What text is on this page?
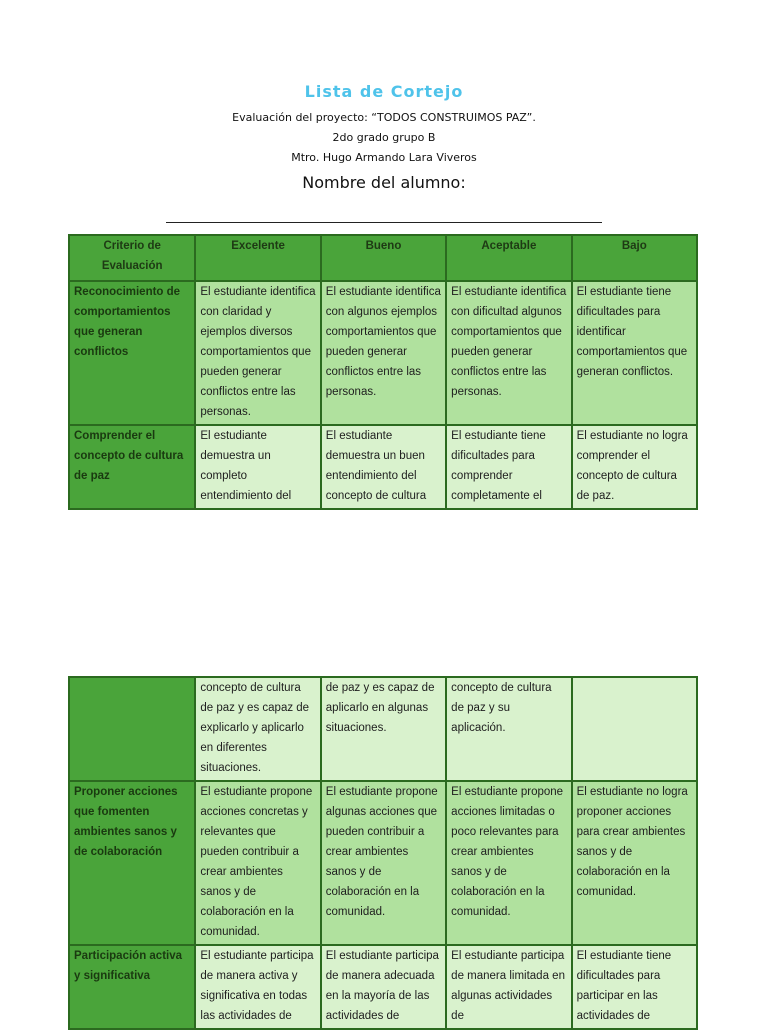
Lista de Cortejo
Evaluación del proyecto: “TODOS CONSTRUIMOS PAZ”.
2do grado grupo B
Mtro. Hugo Armando Lara Viveros
Nombre del alumno:
Criterio de Evaluación	Excelente	Bueno	Aceptable	Bajo
Reconocimiento de comportamientos que generan conflictos	El estudiante identifica con claridad y ejemplos diversos comportamientos que pueden generar conflictos entre las personas.	El estudiante identifica con algunos ejemplos comportamientos que pueden generar conflictos entre las personas.	El estudiante identifica con dificultad algunos comportamientos que pueden generar conflictos entre las personas.	El estudiante tiene dificultades para identificar comportamientos que generan conflictos.
Comprender el concepto de cultura de paz	El estudiante demuestra un completo entendimiento del	El estudiante demuestra un buen entendimiento del concepto de cultura	El estudiante tiene dificultades para comprender completamente el	El estudiante no logra comprender el concepto de cultura de paz.
	concepto de cultura de paz y es capaz de explicarlo y aplicarlo en diferentes situaciones.	de paz y es capaz de aplicarlo en algunas situaciones.	concepto de cultura de paz y su aplicación.	
Proponer acciones que fomenten ambientes sanos y de colaboración	El estudiante propone acciones concretas y relevantes que pueden contribuir a crear ambientes sanos y de colaboración en la comunidad.	El estudiante propone algunas acciones que pueden contribuir a crear ambientes sanos y de colaboración en la comunidad.	El estudiante propone acciones limitadas o poco relevantes para crear ambientes sanos y de colaboración en la comunidad.	El estudiante no logra proponer acciones para crear ambientes sanos y de colaboración en la comunidad.
Participación activa y significativa	El estudiante participa de manera activa y significativa en todas las actividades de	El estudiante participa de manera adecuada en la mayoría de las actividades de	El estudiante participa de manera limitada en algunas actividades de	El estudiante tiene dificultades para participar en las actividades de
